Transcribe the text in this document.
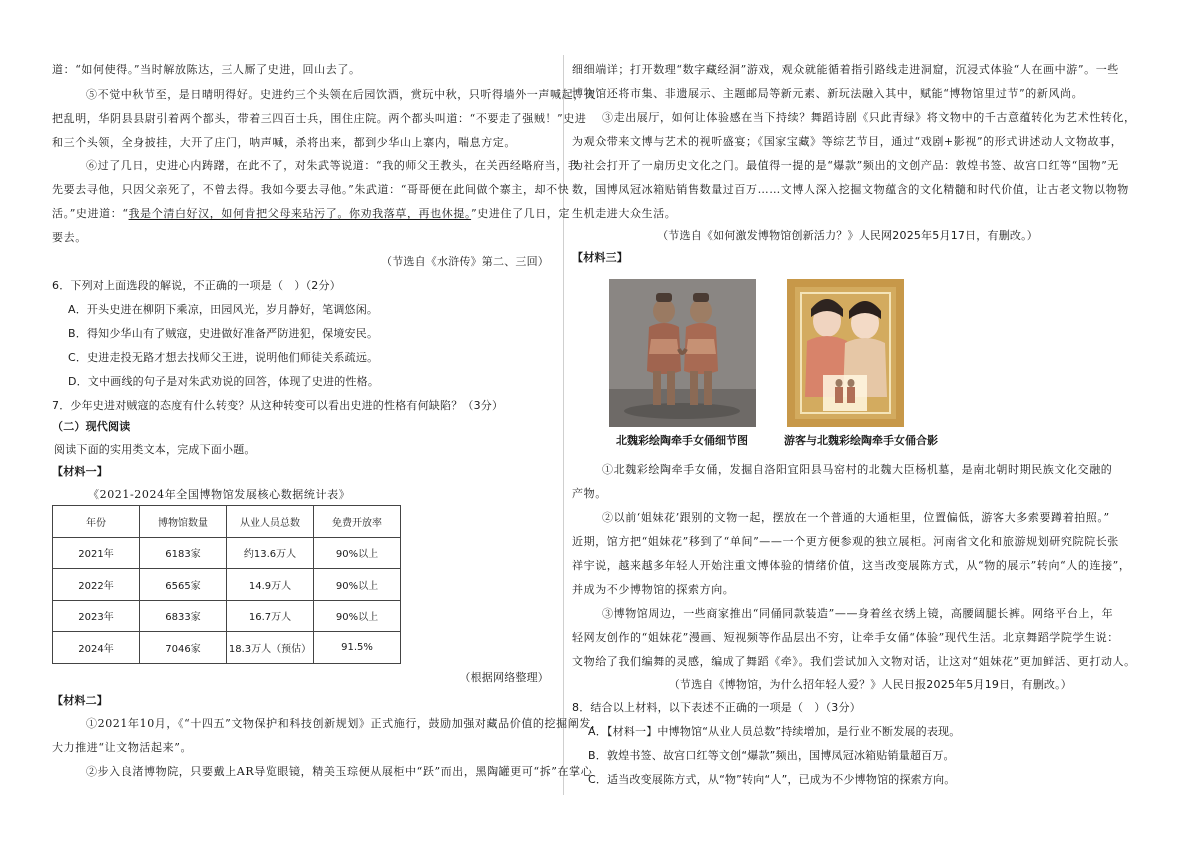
道：“如何使得。”当时解放陈达，三人厮了史进，回山去了。
⑤不觉中秋节至，是日晴明得好。史进约三个头领在后园饮酒，赏玩中秋，只听得墙外一声喊起，火
把乱明，华阴县县尉引着两个都头，带着三四百士兵，围住庄院。两个都头叫道：“不要走了强贼！”史进
和三个头领，全身披挂，大开了庄门，呐声喊，杀将出来，都到少华山上寨内，喘息方定。
⑥过了几日，史进心内踌躇，在此不了，对朱武等说道：“我的师父王教头，在关西经略府当，我
先要去寻他，只因父亲死了，不曾去得。我如今要去寻他。”朱武道：“哥哥便在此间做个寨主，却不快
活。”史进道：“我是个清白好汉，如何肯把父母来玷污了。你劝我落草，再也休提。”史进住了几日，定
要去。
（节选自《水浒传》第二、三回）
6．下列对上面选段的解说，不正确的一项是（　）（2分）
A．开头史进在柳阴下乘凉，田园风光，岁月静好，笔调悠闲。
B．得知少华山有了贼寇，史进做好准备严防进犯，保境安民。
C．史进走投无路才想去找师父王进，说明他们师徒关系疏远。
D．文中画线的句子是对朱武劝说的回答，体现了史进的性格。
7．少年史进对贼寇的态度有什么转变？从这种转变可以看出史进的性格有何缺陷？（3分）
（二）现代阅读
阅读下面的实用类文本，完成下面小题。
【材料一】
《2021-2024年全国博物馆发展核心数据统计表》
年份	博物馆数量	从业人员总数	免费开放率
2021年	6183家	约13.6万人	90%以上
2022年	6565家	14.9万人	90%以上
2023年	6833家	16.7万人	90%以上
2024年	7046家	18.3万人（预估）	91.5%
（根据网络整理）
【材料二】
①2021年10月，《“十四五”文物保护和科技创新规划》正式施行，鼓励加强对藏品价值的挖掘阐发，
大力推进“让文物活起来”。
②步入良渚博物院，只要戴上AR导览眼镜，精美玉琮便从展柜中“跃”而出，黑陶罐更可“拆”在掌心
细细端详；打开数理“数字藏经洞”游戏，观众就能循着指引路线走进洞窟，沉浸式体验“人在画中游”。一些
博物馆还将市集、非遗展示、主题邮局等新元素、新玩法融入其中，赋能“博物馆里过节”的新风尚。
③走出展厅，如何让体验感在当下持续？舞蹈诗剧《只此青绿》将文物中的千古意蕴转化为艺术性转化，
为观众带来文博与艺术的视听盛宴；《国家宝藏》等综艺节目，通过“戏剧+影视”的形式讲述动人文物故事，
为社会打开了一扇历史文化之门。最值得一提的是“爆款”频出的文创产品：敦煌书签、故宫口红等“国物”无
数，国博凤冠冰箱贴销售数量过百万……文博人深入挖掘文物蕴含的文化精髓和时代价值，让古老文物以物物
生机走进大众生活。
（节选自《如何激发博物馆创新活力？》人民网2025年5月17日，有删改。）
【材料三】
北魏彩绘陶牵手女俑细节图	游客与北魏彩绘陶牵手女俑合影
①北魏彩绘陶牵手女俑，发掘自洛阳宜阳县马窑村的北魏大臣杨机墓，是南北朝时期民族文化交融的
产物。
②以前‘姐妹花’跟别的文物一起，摆放在一个普通的大通柜里，位置偏低，游客大多索要蹲着拍照。”
近期，馆方把“姐妹花”移到了“单间”——一个更方便参观的独立展柜。河南省文化和旅游规划研究院院长张
祥宇说，越来越多年轻人开始注重文博体验的情绪价值，这当改变展陈方式，从“物的展示”转向“人的连接”，
并成为不少博物馆的探索方向。
③博物馆周边，一些商家推出“同俑同款装造”——身着丝衣绣上镜，高腰阔腿长裤。网络平台上，年
轻网友创作的“姐妹花”漫画、短视频等作品层出不穷，让牵手女俑“体验”现代生活。北京舞蹈学院学生说：
文物给了我们编舞的灵感，编成了舞蹈《牵》。我们尝试加入文物对话，让这对“姐妹花”更加鲜活、更打动人。
（节选自《博物馆，为什么招年轻人爱？》人民日报2025年5月19日，有删改。）
8．结合以上材料，以下表述不正确的一项是（　）（3分）
A．【材料一】中博物馆“从业人员总数”持续增加，是行业不断发展的表现。
B．敦煌书签、故宫口红等文创“爆款”频出，国博凤冠冰箱贴销量超百万。
C．适当改变展陈方式，从“物”转向“人”，已成为不少博物馆的探索方向。
